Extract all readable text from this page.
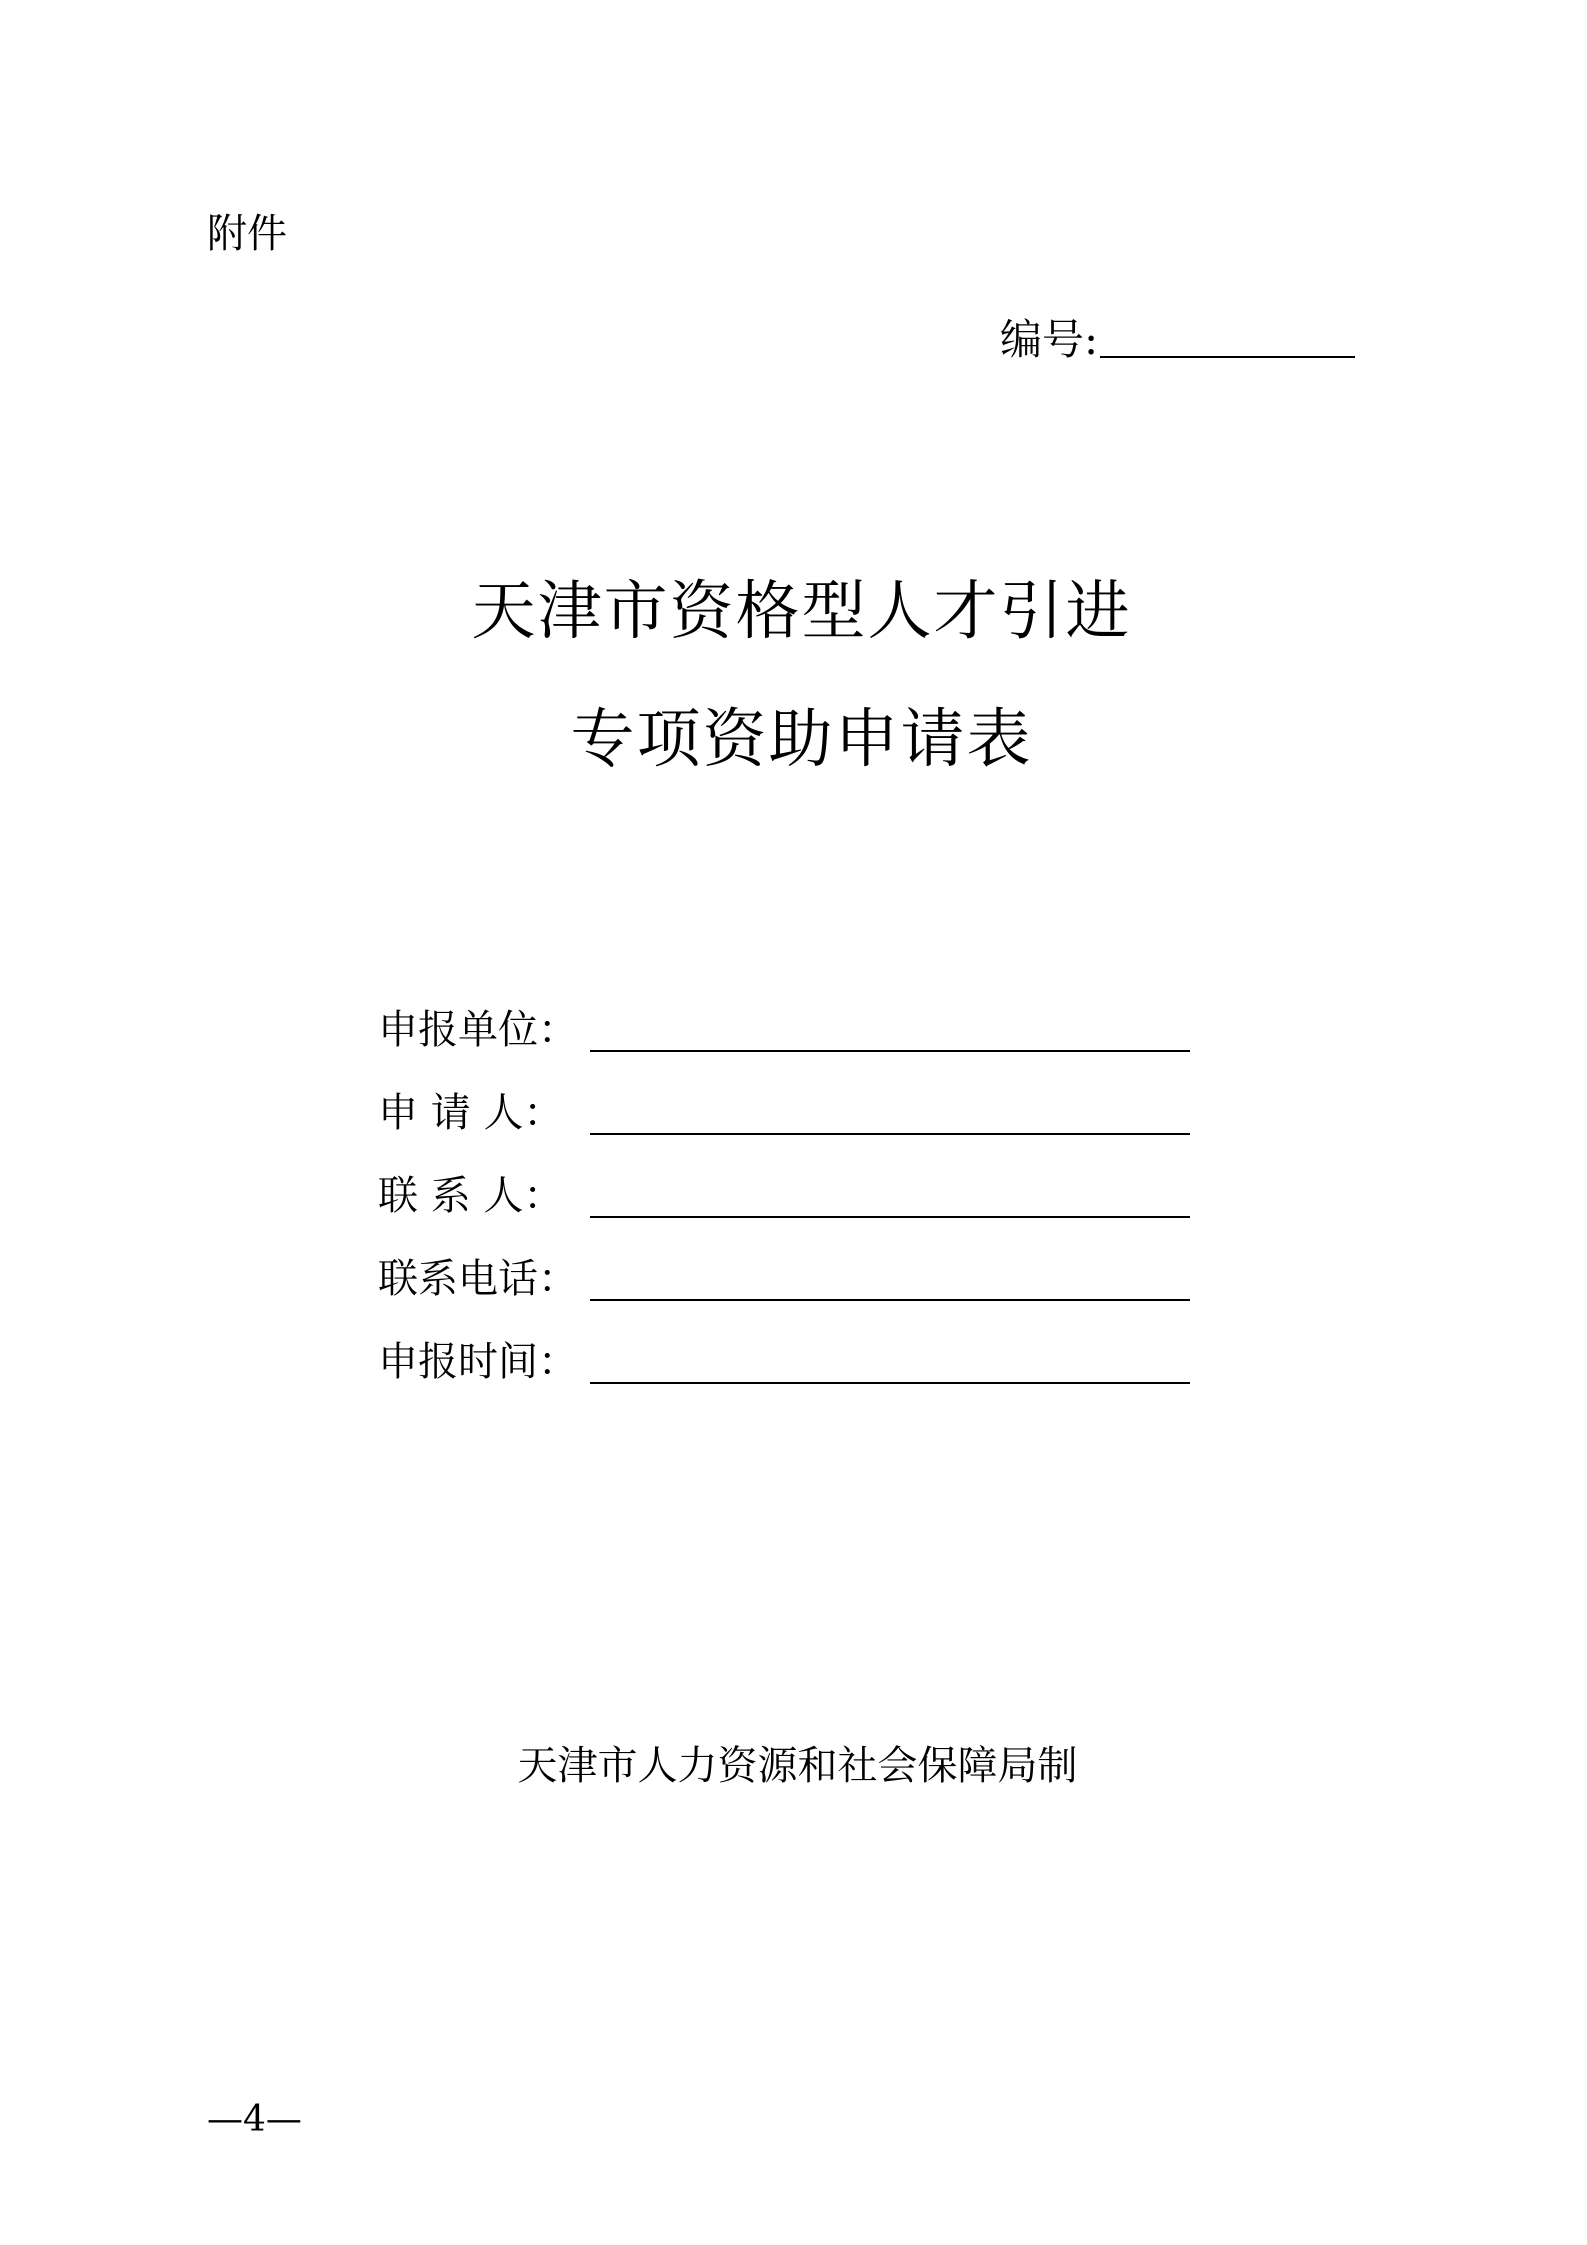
附件
编号:
天津市资格型人才引进
专项资助申请表
申报单位：
申 请 人：
联 系 人：
联系电话：
申报时间：
天津市人力资源和社会保障局制
—4—
